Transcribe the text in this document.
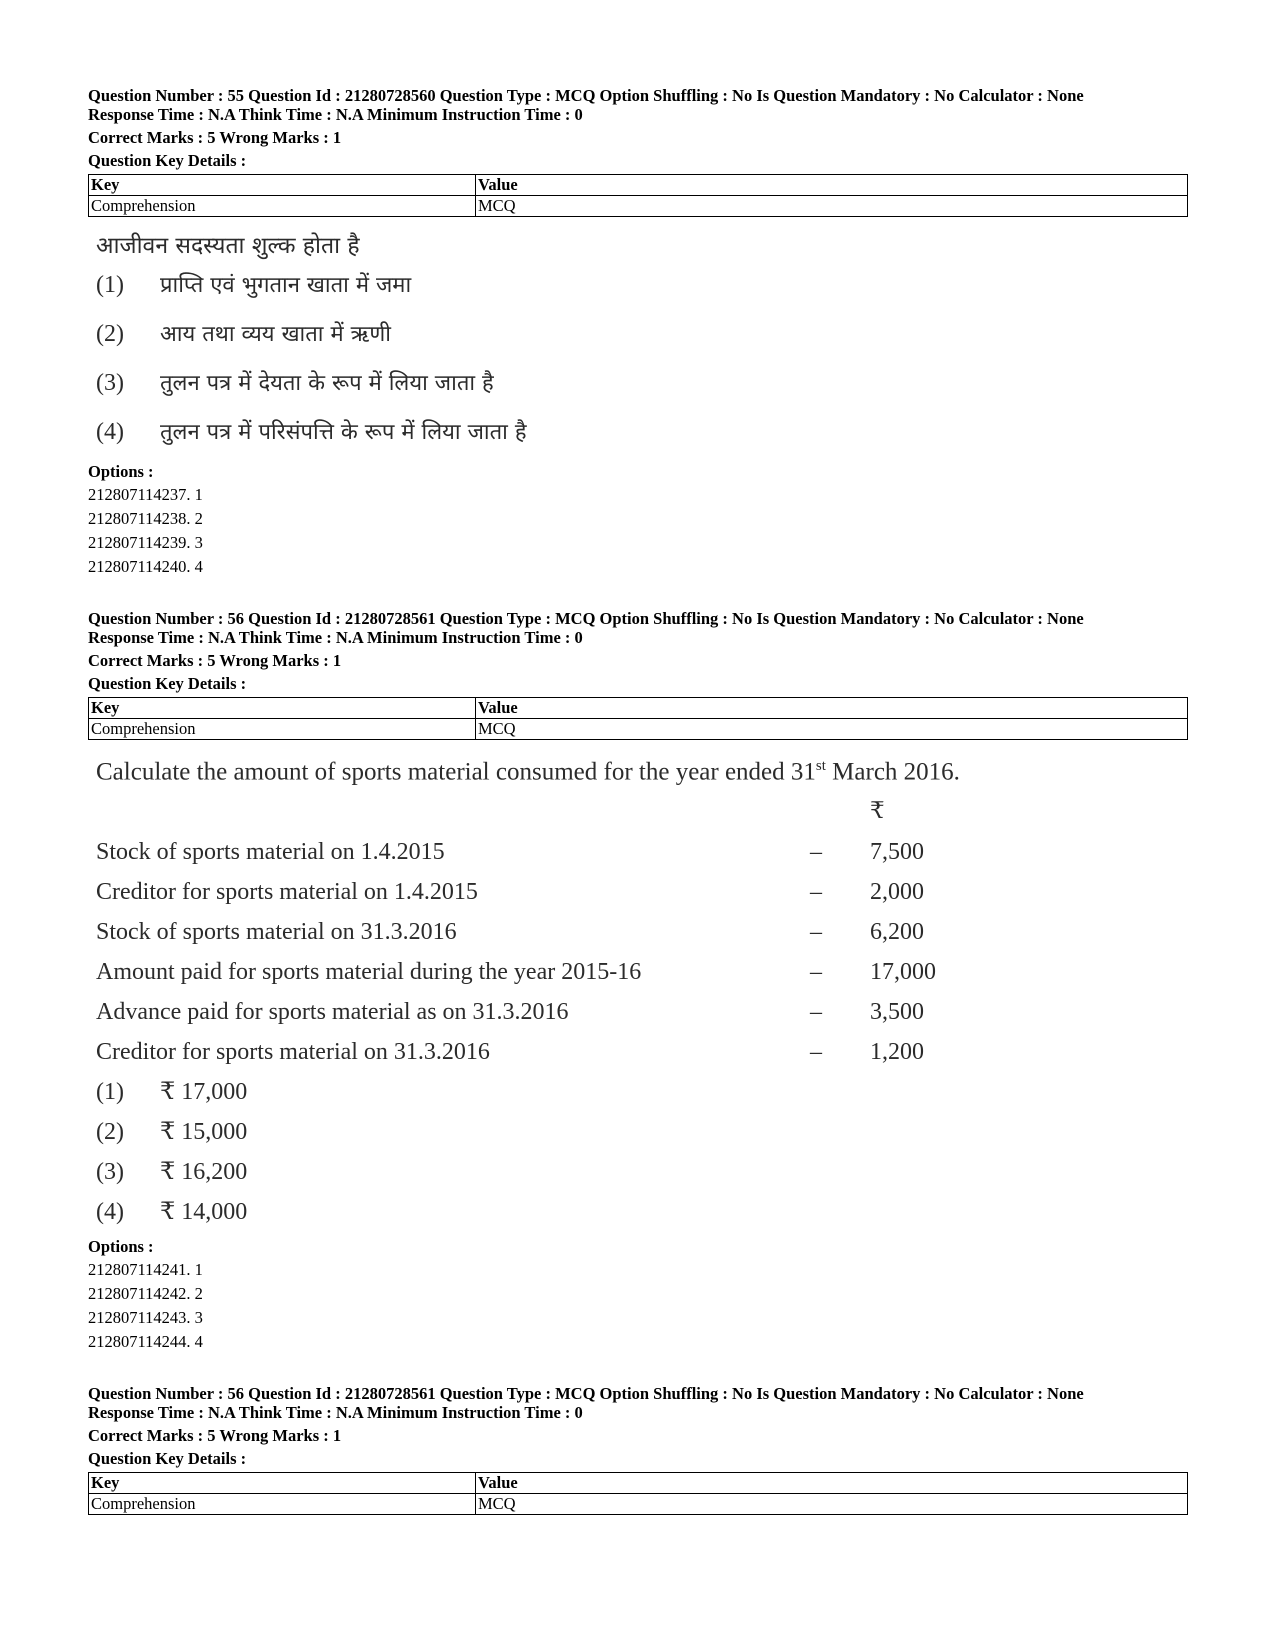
Question Number : 55 Question Id : 21280728560 Question Type : MCQ Option Shuffling : No Is Question Mandatory : No Calculator : None

Response Time : N.A Think Time : N.A Minimum Instruction Time : 0

Correct Marks : 5 Wrong Marks : 1
Question Key Details :
Key	Value
Comprehension	MCQ
आजीवन सदस्यता शुल्क होता है
(1) प्राप्ति एवं भुगतान खाता में जमा
(2) आय तथा व्यय खाता में ऋणी
(3) तुलन पत्र में देयता के रूप में लिया जाता है
(4) तुलन पत्र में परिसंपत्ति के रूप में लिया जाता है
Options :
212807114237. 1
212807114238. 2
212807114239. 3
212807114240. 4

Question Number : 56 Question Id : 21280728561 Question Type : MCQ Option Shuffling : No Is Question Mandatory : No Calculator : None

Response Time : N.A Think Time : N.A Minimum Instruction Time : 0

Correct Marks : 5 Wrong Marks : 1
Question Key Details :
Key	Value
Comprehension	MCQ
Calculate the amount of sports material consumed for the year ended 31st March 2016.
₹
Stock of sports material on 1.4.2015	– 7,500
Creditor for sports material on 1.4.2015	– 2,000
Stock of sports material on 31.3.2016	– 6,200
Amount paid for sports material during the year 2015-16	– 17,000
Advance paid for sports material as on 31.3.2016	– 3,500
Creditor for sports material on 31.3.2016	– 1,200
(1) ₹ 17,000
(2) ₹ 15,000
(3) ₹ 16,200
(4) ₹ 14,000
Options :
212807114241. 1
212807114242. 2
212807114243. 3
212807114244. 4

Question Number : 56 Question Id : 21280728561 Question Type : MCQ Option Shuffling : No Is Question Mandatory : No Calculator : None

Response Time : N.A Think Time : N.A Minimum Instruction Time : 0

Correct Marks : 5 Wrong Marks : 1
Question Key Details :
Key	Value
Comprehension	MCQ
